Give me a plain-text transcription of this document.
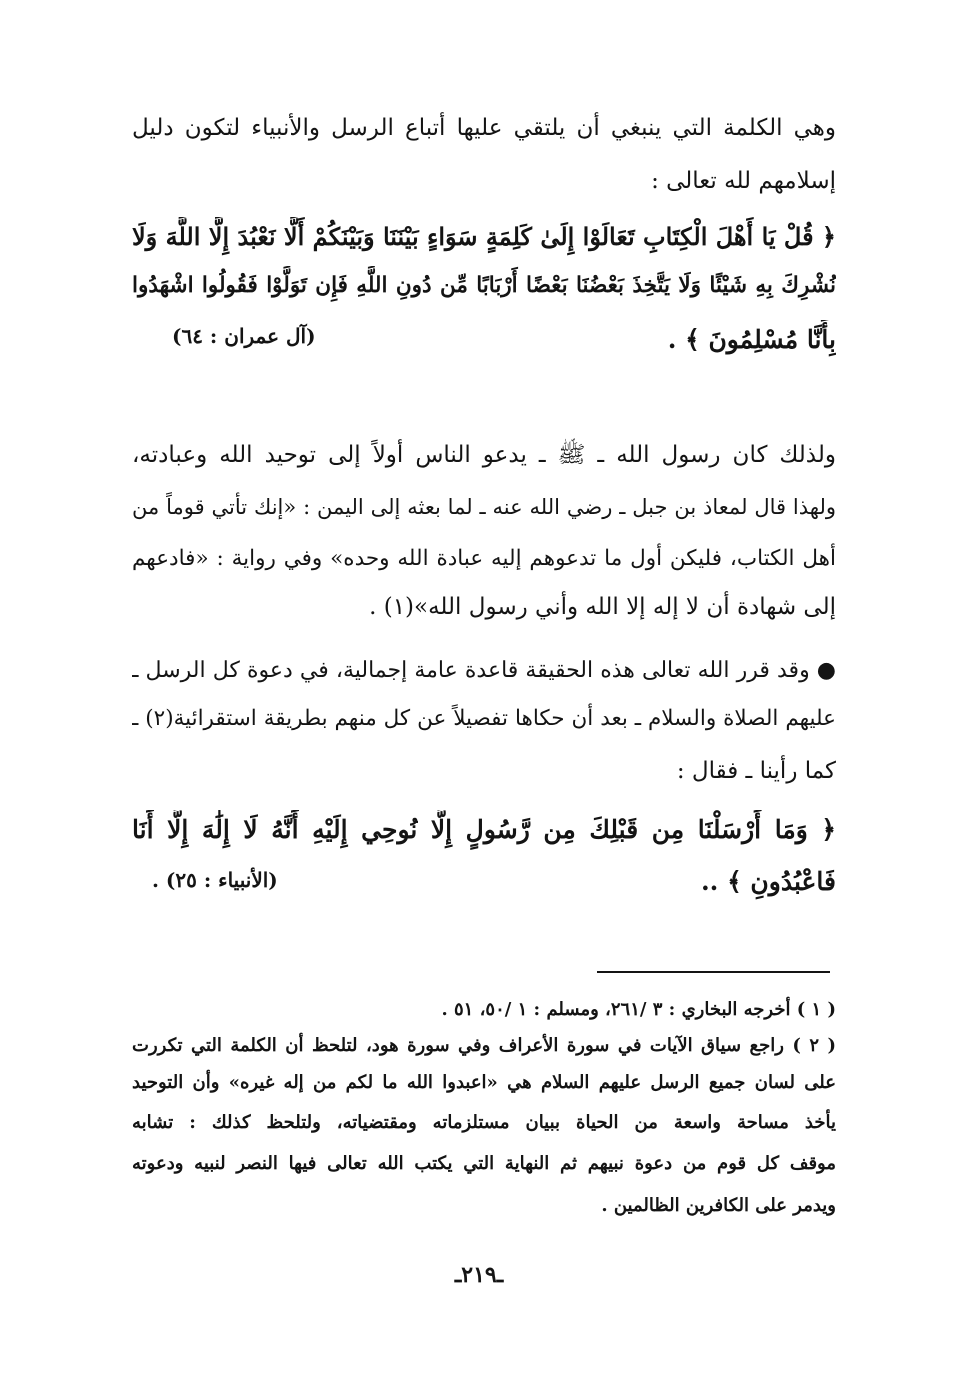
وهي الكلمة التي ينبغي أن يلتقي عليها أتباع الرسل والأنبياء لتكون دليل
إسلامهم لله تعالى :
﴿ قُلْ يَا أَهْلَ الْكِتَابِ تَعَالَوْا إِلَىٰ كَلِمَةٍ سَوَاءٍ بَيْنَنَا وَبَيْنَكُمْ أَلَّا نَعْبُدَ إِلَّا اللَّهَ وَلَا
نُشْرِكَ بِهِ شَيْئًا وَلَا يَتَّخِذَ بَعْضُنَا بَعْضًا أَرْبَابًا مِّن دُونِ اللَّهِ فَإِن تَوَلَّوْا فَقُولُوا اشْهَدُوا
بِأَنَّا مُسْلِمُونَ ﴾ .
(آل عمران : ٦٤)
ولذلك كان رسول الله ـ ﷺ ـ يدعو الناس أولاً إلى توحيد الله وعبادته،
ولهذا قال لمعاذ بن جبل ـ رضي الله عنه ـ لما بعثه إلى اليمن : «إنك تأتي قوماً من
أهل الكتاب، فليكن أول ما تدعوهم إليه عبادة الله وحده» وفي رواية : «فادعهم
إلى شهادة أن لا إله إلا الله وأني رسول الله»(١) .
● وقد قرر الله تعالى هذه الحقيقة قاعدة عامة إجمالية، في دعوة كل الرسل ـ
عليهم الصلاة والسلام ـ بعد أن حكاها تفصيلاً عن كل منهم بطريقة استقرائية(٢) ـ
كما رأينا ـ فقال :
﴿ وَمَا أَرْسَلْنَا مِن قَبْلِكَ مِن رَّسُولٍ إِلَّا نُوحِي إِلَيْهِ أَنَّهُ لَا إِلَٰهَ إِلَّا أَنَا
فَاعْبُدُونِ ﴾ ..
(الأنبياء : ٢٥) .
( ١ ) أخرجه البخاري : ٣ /٢٦١، ومسلم : ١ /٥٠، ٥١ .
( ٢ ) راجع سياق الآيات في سورة الأعراف وفي سورة هود، لتلحظ أن الكلمة التي تكررت
على لسان جميع الرسل عليهم السلام هي «اعبدوا الله ما لكم من إله غيره» وأن التوحيد
يأخذ مساحة واسعة من الحياة ببيان مستلزماته ومقتضياته، ولتلحظ كذلك : تشابه
موقف كل قوم من دعوة نبيهم ثم النهاية التي يكتب الله تعالى فيها النصر لنبيه ودعوته
ويدمر على الكافرين الظالمين .
ـ٢١٩ـ
